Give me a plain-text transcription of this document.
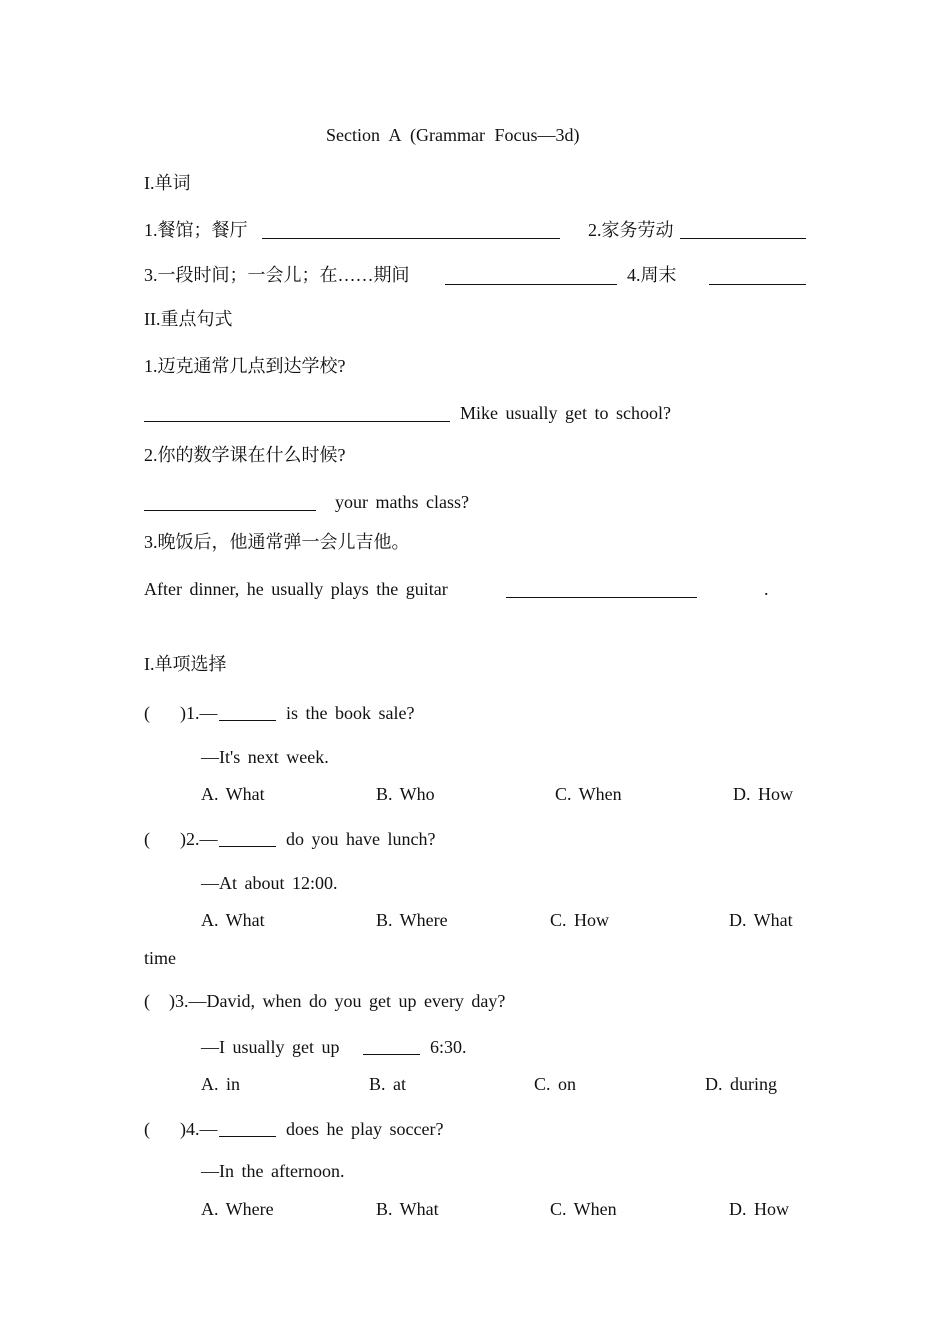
Section A (Grammar Focus—3d)
I.单词
1.餐馆；餐厅	2.家务劳动
3.一段时间；一会儿；在……期间	4.周末
II.重点句式
1.迈克通常几点到达学校?
Mike usually get to school?
2.你的数学课在什么时候?
your maths class?
3.晚饭后，他通常弹一会儿吉他。
After dinner, he usually plays the guitar	.
I.单项选择
( )1.—	is the book sale?
—It's next week.
A. What	B. Who	C. When	D. How
( )2.—	do you have lunch?
—At about 12:00.
A. What	B. Where	C. How	D. What
time
( )3.—David, when do you get up every day?
—I usually get up	6:30.
A. in	B. at	C. on	D. during
( )4.—	does he play soccer?
—In the afternoon.
A. Where	B. What	C. When	D. How
